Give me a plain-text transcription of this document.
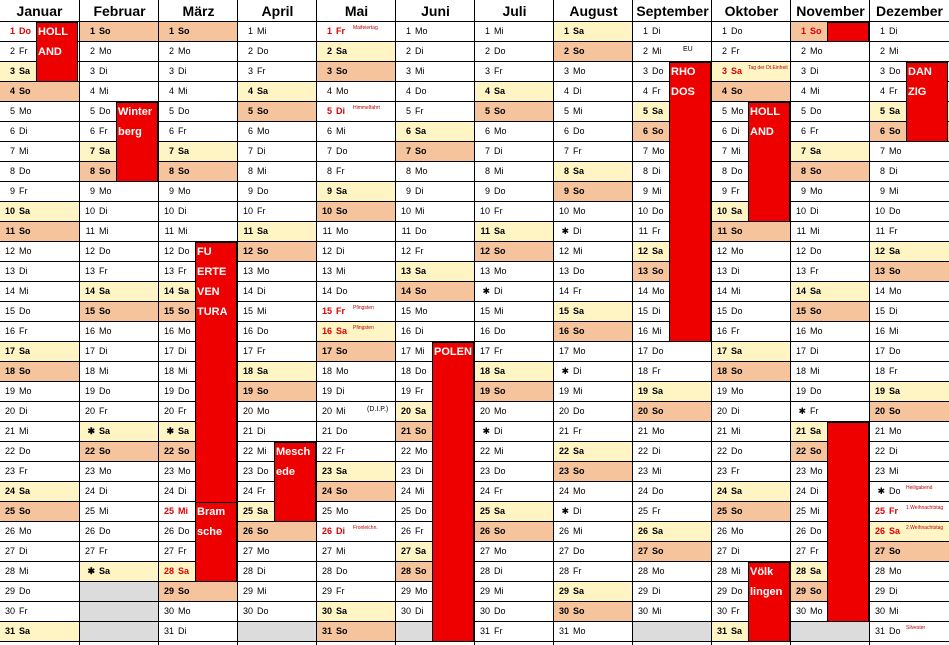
Januar
1 Do
2 Fr
3 Sa
4 So
5 Mo
6 Di
7 Mi
8 Do
9 Fr
10 Sa
11 So
12 Mo
13 Di
14 Mi
15 Do
16 Fr
17 Sa
18 So
19 Mo
20 Di
21 Mi
22 Do
23 Fr
24 Sa
25 So
26 Mo
27 Di
28 Mi
29 Do
30 Fr
31 Sa
Februar
1 So
2 Mo
3 Di
4 Mi
5 Do
6 Fr
7 Sa
8 So
9 Mo
10 Di
11 Mi
12 Do
13 Fr
14 Sa
15 So
16 Mo
17 Di
18 Mi
19 Do
20 Fr
✱ Sa
22 So
23 Mo
24 Di
25 Mi
26 Do
27 Fr
✱ Sa
März
1 So
2 Mo
3 Di
4 Mi
5 Do
6 Fr
7 Sa
8 So
9 Mo
10 Di
11 Mi
12 Do
13 Fr
14 Sa
15 So
16 Mo
17 Di
18 Mi
19 Do
20 Fr
✱ Sa
22 So
23 Mo
24 Di
25 Mi
26 Do
27 Fr
28 Sa
29 So
30 Mo
31 Di
April
1 Mi
2 Do
3 Fr
4 Sa
5 So
6 Mo
7 Di
8 Mi
9 Do
10 Fr
11 Sa
12 So
13 Mo
14 Di
15 Mi
16 Do
17 Fr
18 Sa
19 So
20 Mo
21 Di
22 Mi
23 Do
24 Fr
25 Sa
26 So
27 Mo
28 Di
29 Mi
30 Do
Mai
1 Fr Maifeiertag
2 Sa
3 So
4 Mo
5 Di Himmelfahrt
6 Mi
7 Do
8 Fr
9 Sa
10 So
11 Mo
12 Di
13 Mi
14 Do
15 Fr Pfingsten
16 Sa Pfingsten
17 So
18 Mo
19 Di
20 Mi	(D.I.P.)
21 Do
22 Fr
23 Sa
24 So
25 Mo
26 Di Fronleichn.
27 Mi
28 Do
29 Fr
30 Sa
31 So
Juni
1 Mo
2 Di
3 Mi
4 Do
5 Fr
6 Sa
7 So
8 Mo
9 Di
10 Mi
11 Do
12 Fr
13 Sa
14 So
15 Mo
16 Di
17 Mi
18 Do
19 Fr
20 Sa
21 So
22 Mo
23 Di
24 Mi
25 Do
26 Fr
27 Sa
28 So
29 Mo
30 Di
Juli
1 Mi
2 Do
3 Fr
4 Sa
5 So
6 Mo
7 Di
8 Mi
9 Do
10 Fr
11 Sa
12 So
13 Mo
✱ Di
15 Mi
16 Do
17 Fr
18 Sa
19 So
20 Mo
✱ Di
22 Mi
23 Do
24 Fr
25 Sa
26 So
27 Mo
28 Di
29 Mi
30 Do
31 Fr
August
1 Sa
2 So
3 Mo
4 Di
5 Mi
6 Do
7 Fr
8 Sa
9 So
10 Mo
✱ Di
12 Mi
13 Do
14 Fr
15 Sa
16 So
17 Mo
✱ Di
19 Mi
20 Do
21 Fr
22 Sa
23 So
24 Mo
✱ Di
26 Mi
27 Do
28 Fr
29 Sa
30 So
31 Mo
September
1 Di
2 Mi	EU
3 Do
4 Fr
5 Sa
6 So
7 Mo
8 Di
9 Mi
10 Do
11 Fr
12 Sa
13 So
14 Mo
15 Di
16 Mi
17 Do
18 Fr
19 Sa
20 So
21 Mo
22 Di
23 Mi
24 Do
25 Fr
26 Sa
27 So
28 Mo
29 Di
30 Mi
Oktober
1 Do
2 Fr
3 Sa Tag der Dt.Einheit
4 So
5 Mo
6 Di
7 Mi
8 Do
9 Fr
10 Sa
11 So
12 Mo
13 Di
14 Mi
15 Do
16 Fr
17 Sa
18 So
19 Mo
20 Di
21 Mi
22 Do
23 Fr
24 Sa
25 So
26 Mo
27 Di
28 Mi
29 Do
30 Fr
31 Sa
November
1 So
2 Mo
3 Di
4 Mi
5 Do
6 Fr
7 Sa
8 So
9 Mo
10 Di
11 Mi
12 Do
13 Fr
14 Sa
15 So
16 Mo
17 Di
18 Mi
19 Do
✱ Fr
21 Sa
22 So
23 Mo
24 Di
25 Mi
26 Do
27 Fr
28 Sa
29 So
30 Mo
Dezember
1 Di
2 Mi
3 Do
4 Fr
5 Sa
6 So
7 Mo
8 Di
9 Mi
10 Do
11 Fr
12 Sa
13 So
14 Mo
15 Di
16 Mi
17 Do
18 Fr
19 Sa
20 So
21 Mo
22 Di
23 Mi
✱ Do Heiligabend
25 Fr 1.Weihnachtstag
26 Sa 2.Weihnachtstag
27 So
28 Mo
29 Di
30 Mi
31 Do Silvester
HOLL
AND
Winter
berg
FU
ERTE
VEN
TURA
Bram
sche
Mesch
ede
POLEN
RHO
DOS
HOLL
AND
Völk
lingen
DAN
ZIG
